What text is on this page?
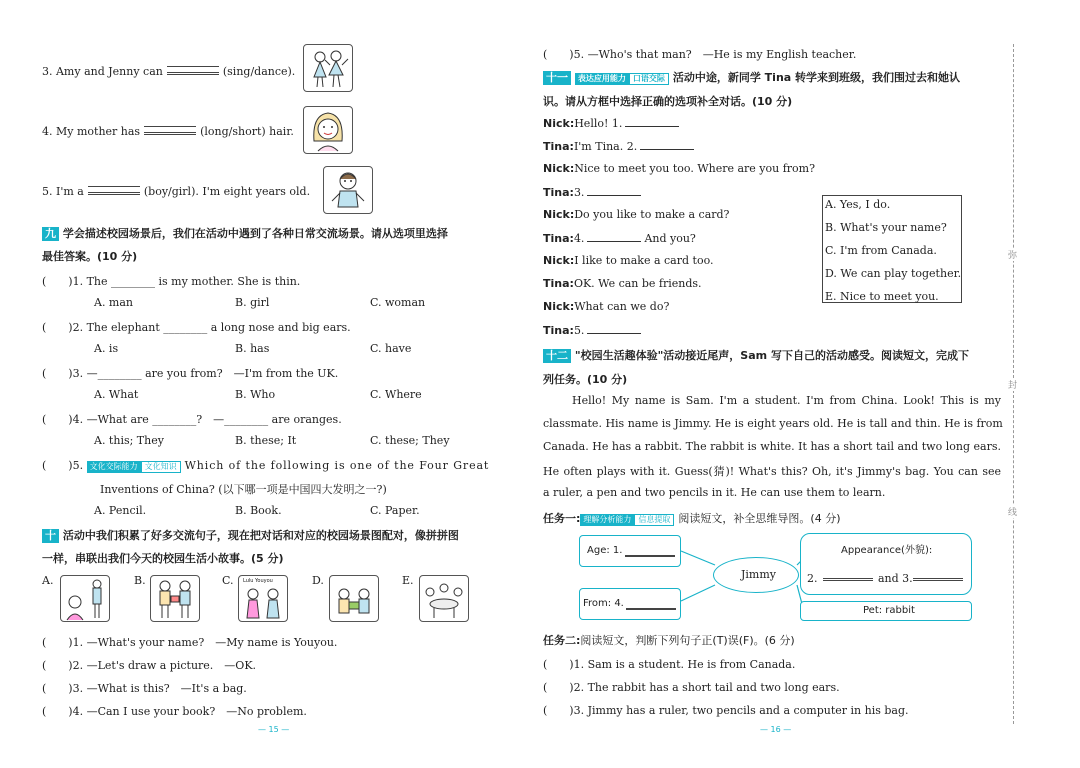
3. Amy and Jenny can	(sing/dance).
4. My mother has	(long/short) hair.
5. I'm a	(boy/girl). I'm eight years old.
九 学会描述校园场景后，我们在活动中遇到了各种日常交流场景。请从选项里选择
最佳答案。(10 分)
(　　 )1. The ________ is my mother. She is thin.
A. man	B. girl	C. woman
(　　 )2. The elephant ________ a long nose and big ears.
A. is	B. has	C. have
(　　 )3. —________ are you from?　—I'm from the UK.
A. What	B. Who	C. Where
(　　 )4. —What are ________?　—________ are oranges.
A. this; They	B. these; It	C. these; They
(　　 )5. 文化交际能力 文化知识 Which of the following is one of the Four Great
Inventions of China? (以下哪一项是中国四大发明之一?)
A. Pencil.	B. Book.	C. Paper.
十 活动中我们积累了好多交流句子，现在把对话和对应的校园场景图配对，像拼拼图
一样，串联出我们今天的校园生活小故事。(5 分)
A.	B.	C. Lulu Youyou	D.	E.
(　　 )1. —What's your name?　—My name is Youyou.
(　　 )2. —Let's draw a picture.　—OK.
(　　 )3. —What is this?　—It's a bag.
(　　 )4. —Can I use your book?　—No problem.
— 15 —
(　　 )5. —Who's that man?　—He is my English teacher.
十一 表达应用能力 口语交际 活动中途，新同学 Tina 转学来到班级，我们围过去和她认
识。请从方框中选择正确的选项补全对话。(10 分)
Nick:Hello! 1.
Tina:I'm Tina. 2.
Nick:Nice to meet you too. Where are you from?
Tina:3.
Nick:Do you like to make a card?
Tina:4.	And you?
Nick:I like to make a card too.
Tina:OK. We can be friends.
Nick:What can we do?
Tina:5.
A. Yes, I do.
B. What's your name?
C. I'm from Canada.
D. We can play together.
E. Nice to meet you.
十二 "校园生活趣体验"活动接近尾声，Sam 写下自己的活动感受。阅读短文，完成下
列任务。(10 分)
Hello! My name is Sam. I'm a student. I'm from China. Look! This is my
classmate. His name is Jimmy. He is eight years old. He is tall and thin. He is from
Canada. He has a rabbit. The rabbit is white. It has a short tail and two long ears.
He often plays with it. Guess(猜)! What's this? Oh, it's Jimmy's bag. You can see
a ruler, a pen and two pencils in it. He can use them to learn.
任务一: 理解分析能力 信息提取 阅读短文，补全思维导图。(4 分)
Age: 1.
From: 4.
Jimmy
Appearance(外貌):
2.	and 3.
Pet: rabbit
任务二:阅读短文，判断下列句子正(T)误(F)。(6 分)
(　　 )1. Sam is a student. He is from Canada.
(　　 )2. The rabbit has a short tail and two long ears.
(　　 )3. Jimmy has a ruler, two pencils and a computer in his bag.
— 16 —
弥
封
线
